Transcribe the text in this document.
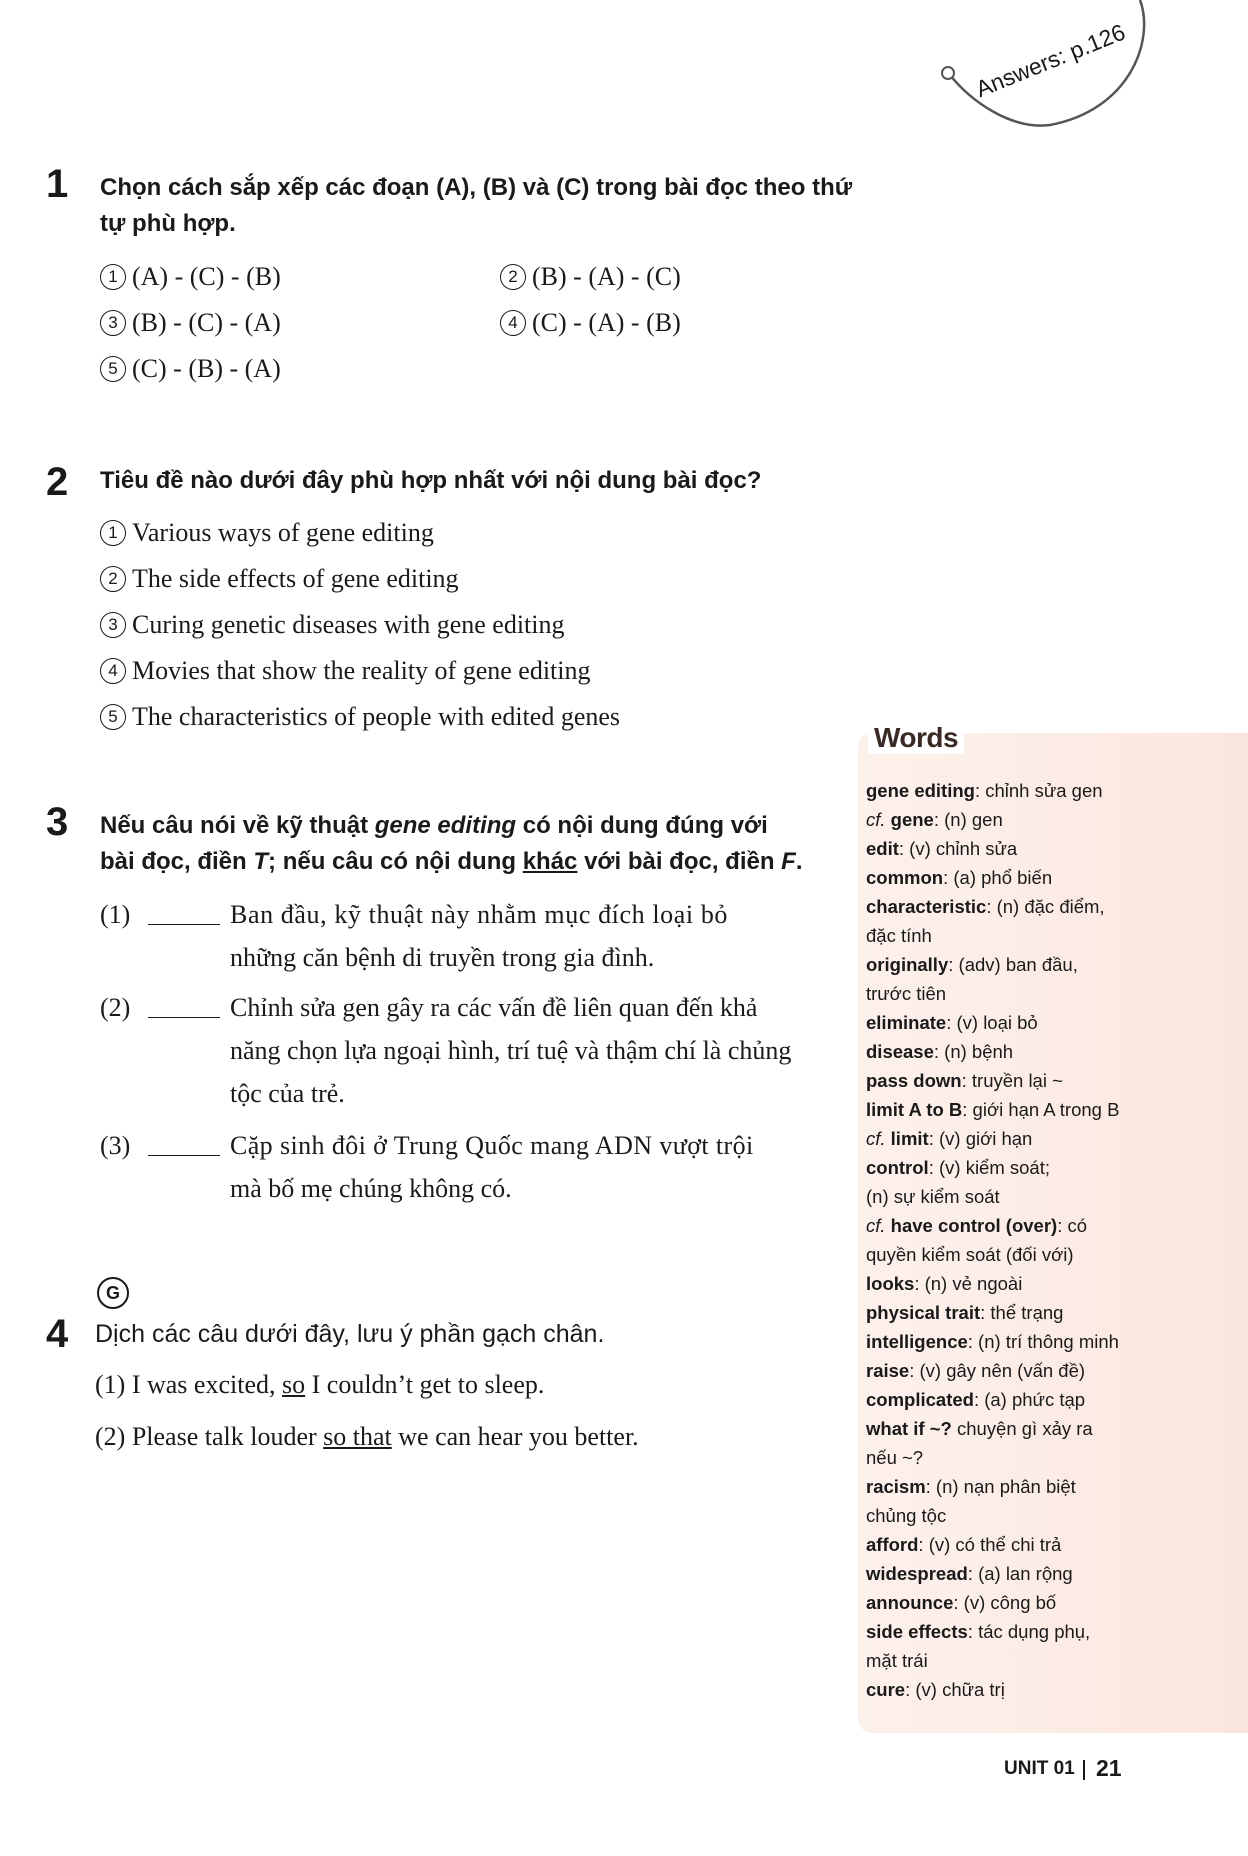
Answers: p.126
1 Chọn cách sắp xếp các đoạn (A), (B) và (C) trong bài đọc theo thứ
tự phù hợp.
1 (A) - (C) - (B)	2 (B) - (A) - (C)
3 (B) - (C) - (A)	4 (C) - (A) - (B)
5 (C) - (B) - (A)
2 Tiêu đề nào dưới đây phù hợp nhất với nội dung bài đọc?
1 Various ways of gene editing
2 The side effects of gene editing
3 Curing genetic diseases with gene editing
4 Movies that show the reality of gene editing
5 The characteristics of people with edited genes
3 Nếu câu nói về kỹ thuật gene editing có nội dung đúng với
bài đọc, điền T; nếu câu có nội dung khác với bài đọc, điền F.
(1)	Ban đầu, kỹ thuật này nhằm mục đích loại bỏ
những căn bệnh di truyền trong gia đình.
(2)	Chỉnh sửa gen gây ra các vấn đề liên quan đến khả
năng chọn lựa ngoại hình, trí tuệ và thậm chí là chủng
tộc của trẻ.
(3)	Cặp sinh đôi ở Trung Quốc mang ADN vượt trội
mà bố mẹ chúng không có.
G
4 Dịch các câu dưới đây, lưu ý phần gạch chân.
(1) I was excited, so I couldn’t get to sleep.
(2) Please talk louder so that we can hear you better.
Words
gene editing: chỉnh sửa gen
cf. gene: (n) gen
edit: (v) chỉnh sửa
common: (a) phổ biến
characteristic: (n) đặc điểm,
đặc tính
originally: (adv) ban đầu,
trước tiên
eliminate: (v) loại bỏ
disease: (n) bệnh
pass down: truyền lại ~
limit A to B: giới hạn A trong B
cf. limit: (v) giới hạn
control: (v) kiểm soát;
(n) sự kiểm soát
cf. have control (over): có
quyền kiểm soát (đối với)
looks: (n) vẻ ngoài
physical trait: thể trạng
intelligence: (n) trí thông minh
raise: (v) gây nên (vấn đề)
complicated: (a) phức tạp
what if ~? chuyện gì xảy ra
nếu ~?
racism: (n) nạn phân biệt
chủng tộc
afford: (v) có thể chi trả
widespread: (a) lan rộng
announce: (v) công bố
side effects: tác dụng phụ,
mặt trái
cure: (v) chữa trị
UNIT 01 21
